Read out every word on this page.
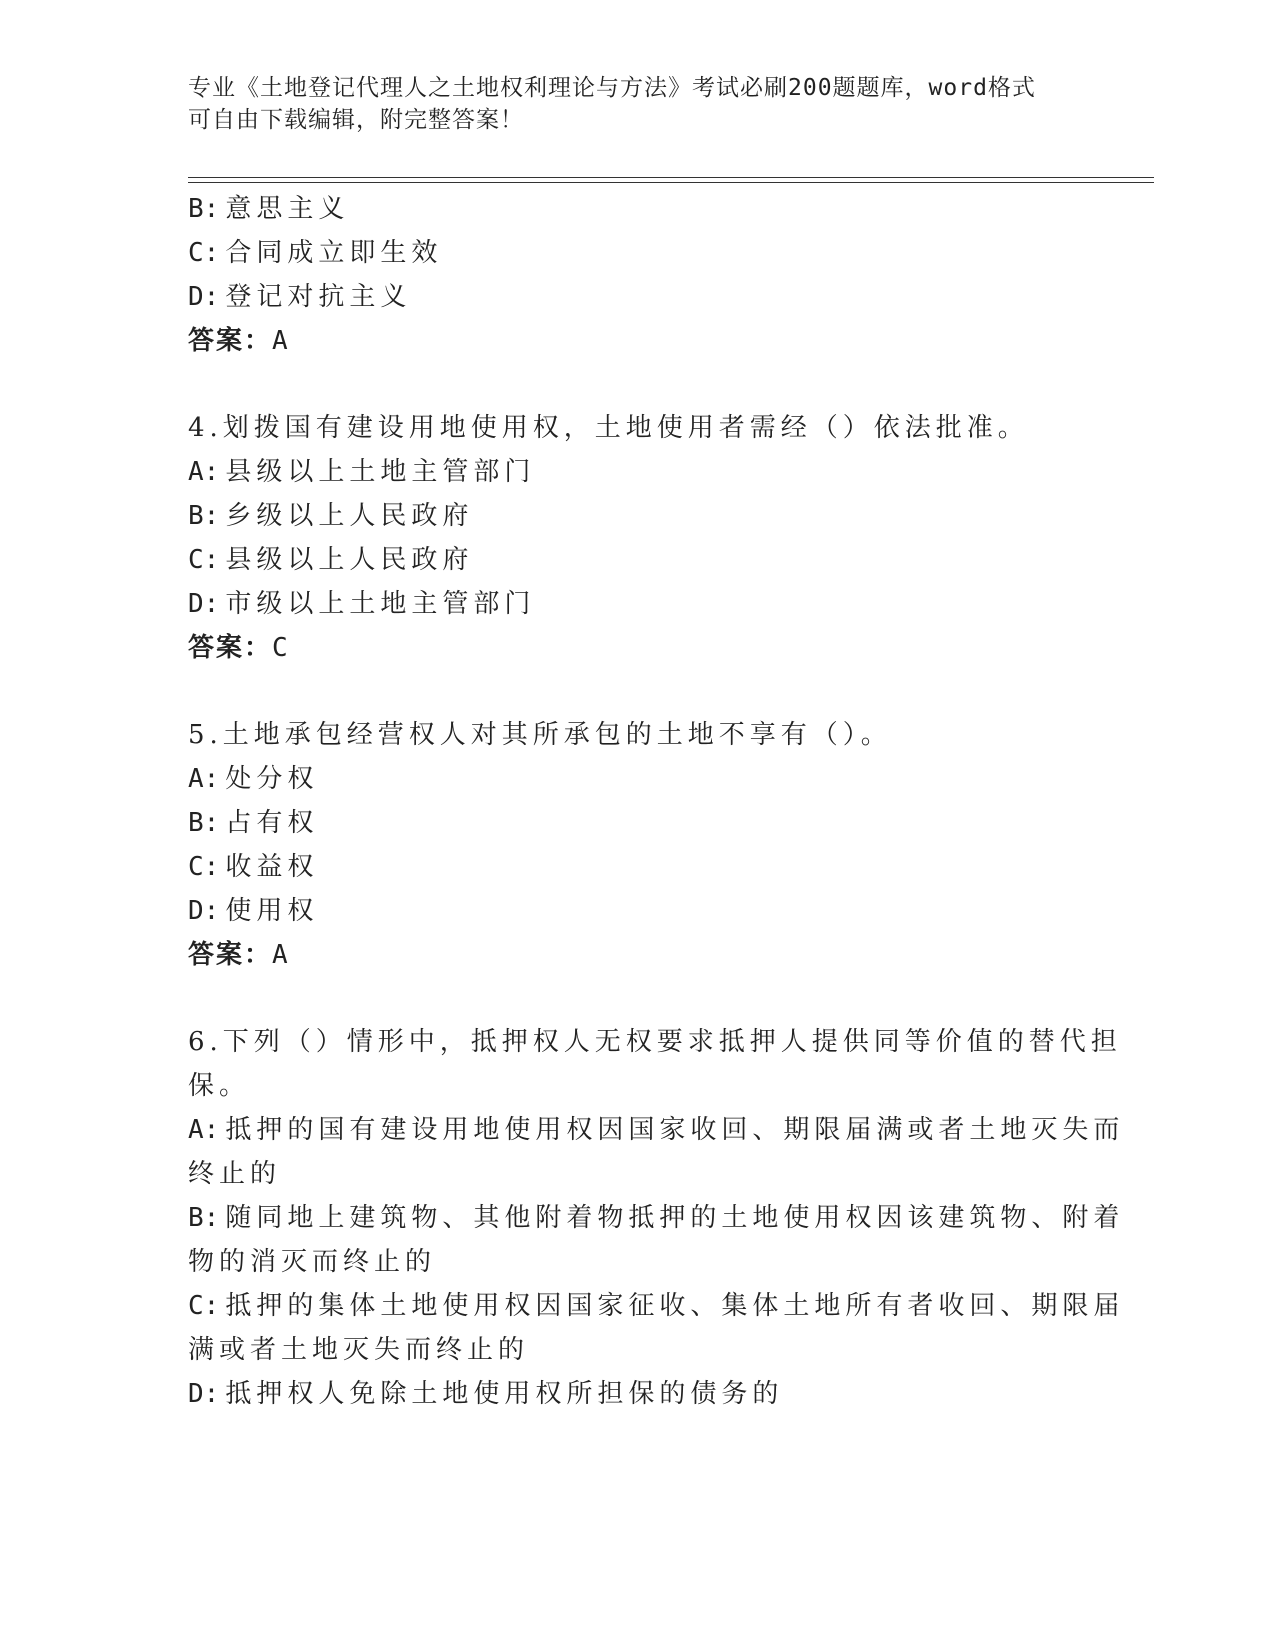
专业《土地登记代理人之土地权利理论与方法》考试必刷200题题库，word格式
可自由下载编辑，附完整答案！
B: 意思主义
C: 合同成立即生效
D: 登记对抗主义
答案：A
4.划拨国有建设用地使用权，土地使用者需经（）依法批准。
A: 县级以上土地主管部门
B: 乡级以上人民政府
C: 县级以上人民政府
D: 市级以上土地主管部门
答案：C
5.土地承包经营权人对其所承包的土地不享有（）。
A: 处分权
B: 占有权
C: 收益权
D: 使用权
答案：A
6.下列（）情形中，抵押权人无权要求抵押人提供同等价值的替代担
保。
A: 抵押的国有建设用地使用权因国家收回、期限届满或者土地灭失而
终止的
B: 随同地上建筑物、其他附着物抵押的土地使用权因该建筑物、附着
物的消灭而终止的
C: 抵押的集体土地使用权因国家征收、集体土地所有者收回、期限届
满或者土地灭失而终止的
D: 抵押权人免除土地使用权所担保的债务的
